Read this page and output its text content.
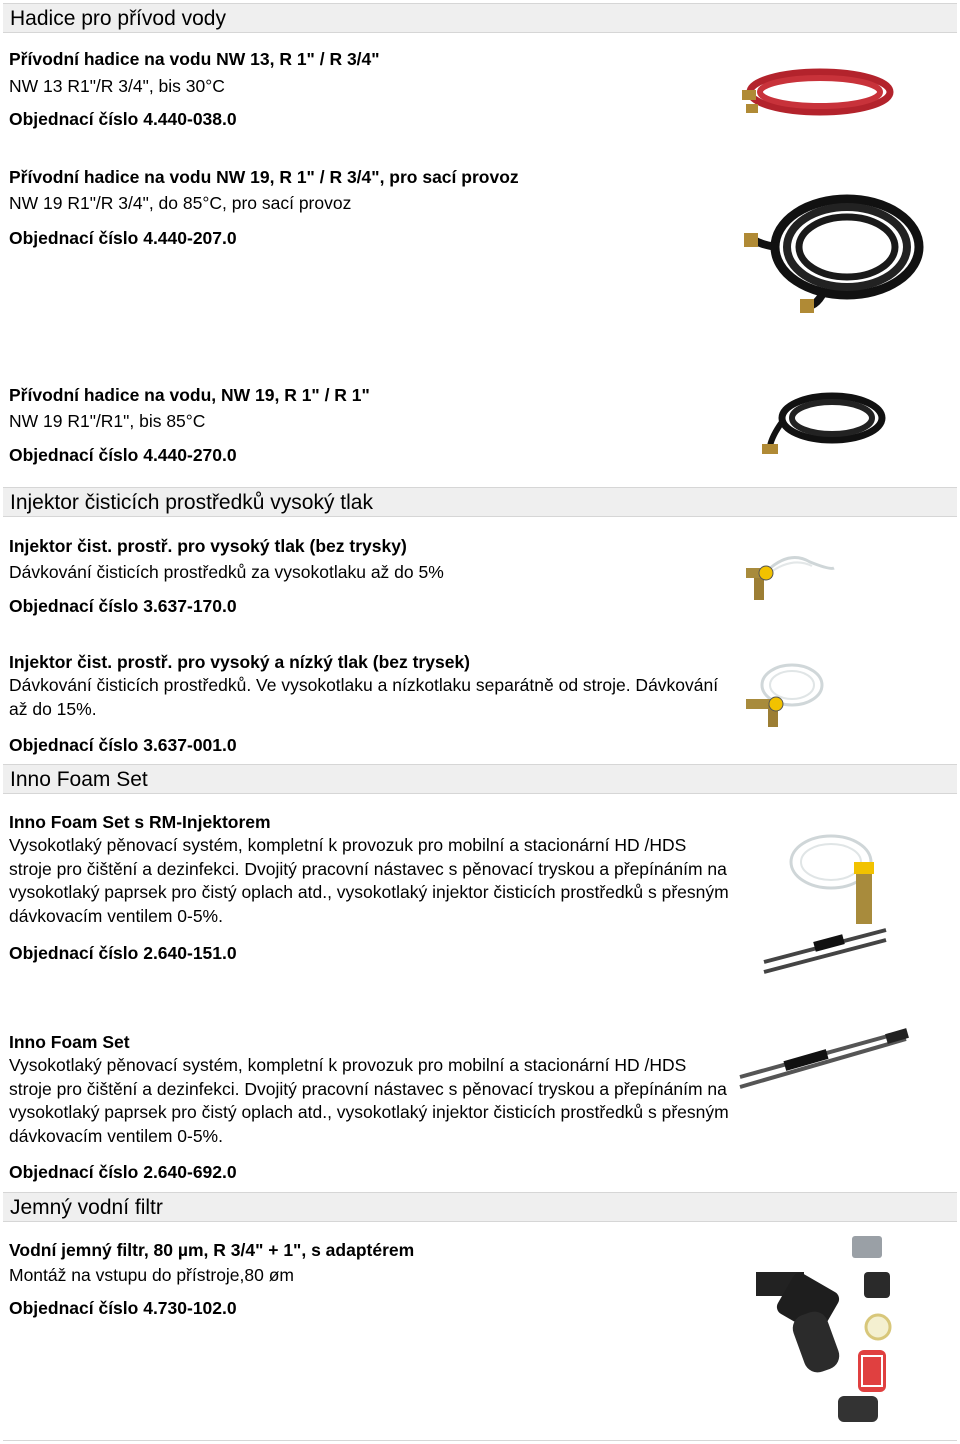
Hadice pro přívod vody
Přívodní hadice na vodu NW 13, R 1" / R 3/4"
NW 13 R1"/R 3/4", bis 30°C
Objednací číslo 4.440-038.0
Přívodní hadice na vodu NW 19, R 1" / R 3/4", pro sací provoz
NW 19 R1"/R 3/4", do 85°C, pro sací provoz
Objednací číslo 4.440-207.0
Přívodní hadice na vodu, NW 19, R 1" / R 1"
NW 19 R1"/R1", bis 85°C
Objednací číslo 4.440-270.0
Injektor čisticích prostředků vysoký tlak
Injektor čist. prostř. pro vysoký tlak (bez trysky)
Dávkování čisticích prostředků za vysokotlaku až do 5%
Objednací číslo 3.637-170.0
Injektor čist. prostř. pro vysoký a nízký tlak (bez trysek)
Dávkování čisticích prostředků. Ve vysokotlaku a nízkotlaku separátně od stroje. Dávkování až do 15%.
Objednací číslo 3.637-001.0
Inno Foam Set
Inno Foam Set s RM-Injektorem
Vysokotlaký pěnovací systém, kompletní k provozuk pro mobilní a stacionární HD /HDS stroje pro čištění a dezinfekci. Dvojitý pracovní nástavec s pěnovací tryskou a přepínáním na vysokotlaký paprsek pro čistý oplach atd., vysokotlaký injektor čisticích prostředků s přesným dávkovacím ventilem 0-5%.
Objednací číslo 2.640-151.0
Inno Foam Set
Vysokotlaký pěnovací systém, kompletní k provozuk pro mobilní a stacionární HD /HDS stroje pro čištění a dezinfekci. Dvojitý pracovní nástavec s pěnovací tryskou a přepínáním na vysokotlaký paprsek pro čistý oplach atd., vysokotlaký injektor čisticích prostředků s přesným dávkovacím ventilem 0-5%.
Objednací číslo 2.640-692.0
Jemný vodní filtr
Vodní jemný filtr, 80 µm, R 3/4" + 1", s adaptérem
Montáž na vstupu do přístroje,80 øm
Objednací číslo 4.730-102.0
